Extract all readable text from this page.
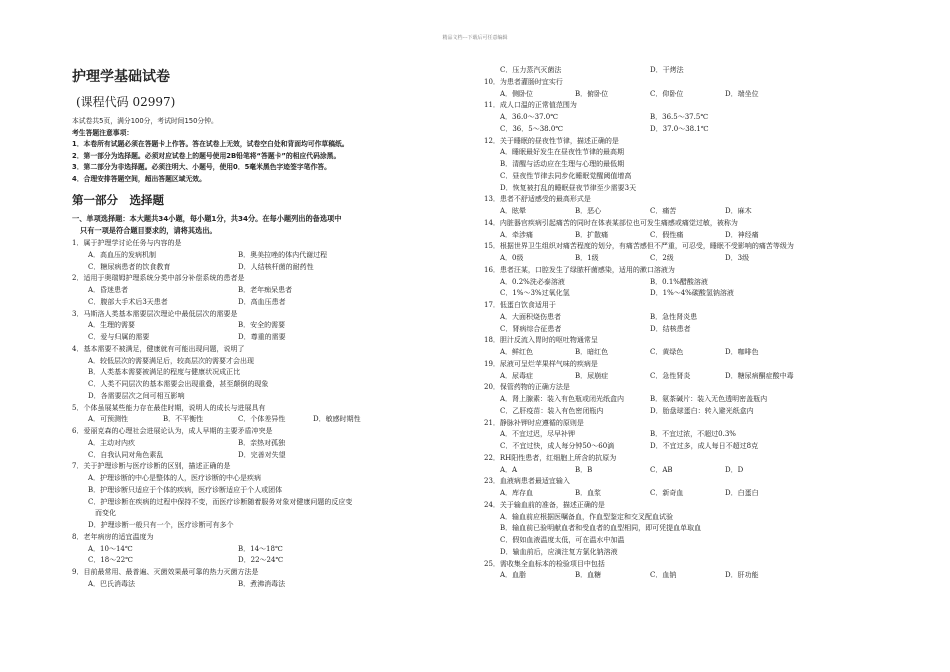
精品文档---下载后可任意编辑
护理学基础试卷
(课程代码 02997)
本试卷共5页，满分100分，考试时间150分钟。
考生答题注意事项：
1．本卷所有试题必须在答题卡上作答。答在试卷上无效，试卷空白处和背面均可作草稿纸。
2．第一部分为选择题。必须对应试卷上的题号使用2B铅笔将“答题卡”的相应代码涂黑。
3．第二部分为非选择题。必须注明大、小题号，使用0．5毫米黑色字迹签字笔作答。
4．合理安排答题空间，超出答题区域无效。
第一部分　选择题
一、单项选择题：本大题共34小题，每小题1分，共34分。在每小题列出的备选项中
只有一项是符合题目要求的，请将其选出。
1．属于护理学讨论任务与内容的是
A．高血压的发病机制	B．奥美拉唑的体内代谢过程
C．糖尿病患者的饮食教育	D．人结核杆菌的耐药性
2．适用于奥瑞姆护理系统分类中部分补偿系统的患者是
A．昏迷患者	B．老年痴呆患者
C．腹部大手术后3天患者	D．高血压患者
3．马斯洛人类基本需要层次理论中最低层次的需要是
A．生理的需要	B．安全的需要
C．爱与归属的需要	D．尊重的需要
4．基本需要不被满足，健康就有可能出现问题，说明了
A．较低层次的需要满足后，较高层次的需要才会出现
B．人类基本需要被满足的程度与健康状况成正比
C．人类不同层次的基本需要会出现重叠，甚至颠倒的现象
D．各需要层次之间可相互影响
5．个体虽展某些能力存在最佳时期，说明人的成长与进展具有
A．可预测性	B．不平衡性	C．个体差异性	D．敏感时期性
6．爱丽克森的心理社会进展论认为，成人早期的主要矛盾冲突是
A．主动对内疚	B．亲热对孤独
C．自我认同对角色素乱	D．完善对失望
7．关于护理诊断与医疗诊断的区别，描述正确的是
A．护理诊断的中心是整体的人，医疗诊断的中心是疾病
B．护理诊断只适应于个体的疾病，医疗诊断适应于个人或团体
C．护理诊断在疾病的过程中保持不变，而医疗诊断随着服务对象对健康问题的反应变
　而变化
D．护理诊断一般只有一个，医疗诊断可有多个
8．老年病房的适宜温度为
A．10～14℃	B．14～18℃
C．18～22℃	D．22～24℃
9．目前最常用、最普遍、灭菌效果最可靠的热力灭菌方法是
A．巴氏消毒法	B．煮沸消毒法
C．压力蒸汽灭菌法	D．干烤法
10．为患者灌肠时宜实行
A．侧卧位	B．俯卧位	C．仰卧位	D．端坐位
11．成人口温的正常值范围为
A．36.0～37.0℃	B．36.5～37.5℃
C．36．5～38.0℃	D．37.0～38.1℃
12．关于睡眠的昼夜性节律，描述正确的是
A．睡眠最好发生在昼夜性节律的最高期
B．清醒与活动应在生理与心理的最低期
C．昼夜性节律去同步化睡眠觉醒阈值增高
D．恢复被打乱的睡眠昼夜节律至少需要3天
13．患者不舒适感受的最高形式是
A．眩晕	B．恶心	C．痛苦	D．麻木
14．内脏器官疾病引起痛苦的同时在体表某部位也可发生痛感或痛觉过敏，被称为
A．牵涉痛	B．扩散痛	C．假性痛	D．神经痛
15．根据世界卫生组织对痛苦程度的划分，有痛苦感但不严重，可忍受，睡眠不受影响的痛苦等级为
A．0级	B．1级	C．2级	D．3级
16．患者汪某，口腔发生了绿脓杆菌感染，适用的漱口溶液为
A．0.2%洗必泰溶液	B．0.1%醋酸溶液
C．1%～3%过氧化氢	D．1%～4%碳酸氢钠溶液
17．低蛋白饮食适用于
A．大面积烧伤患者	B．急性肾炎患
C．肾病综合征患者	D．结核患者
18．胆汁反流入胃时的呕吐物通常呈
A．鲜红色	B．暗红色	C．黄绿色	D．咖啡色
19．尿液可呈烂苹果样气味的疾病是
A．尿毒症	B．尿崩症	C．急性肾炎	D．糖尿病酮症酸中毒
20．保管药物的正确方法是
A．肾上腺素：装入有色瓶或闭光纸盒内	B．氨茶碱片：装入无色透明密盖瓶内
C．乙肝疫苗：装入有色密闭瓶内	D．胎盘球蛋白：转入避光纸盒内
21．静脉补钾时应遵循的原则是
A．不宜过迟，尽早补钾	B．不宜过浓，不超过0.3%
C．不宜过快，成人每分钟50～60滴	D．不宜过多，成人每日不超过8克
22．RH阳性患者，红细胞上所含的抗原为
A．A	B．B	C．AB	D．D
23．血液病患者最适宜输入
A．库存血	B．血浆	C．新奇血	D．白蛋白
24．关于输血前的准备，描述正确的是
A．输血前应根据医嘱备血，作血型鉴定和交叉配血试验
B．输血前已验明献血者和受血者的血型相同，即可凭提血单取血
C．假如血液温度太低，可在温水中加温
D．输血前后，应滴注复方氯化钠溶液
25．需收集全血标本的检验项目中包括
A．血脂	B．血糖	C．血钠	D．肝功能
